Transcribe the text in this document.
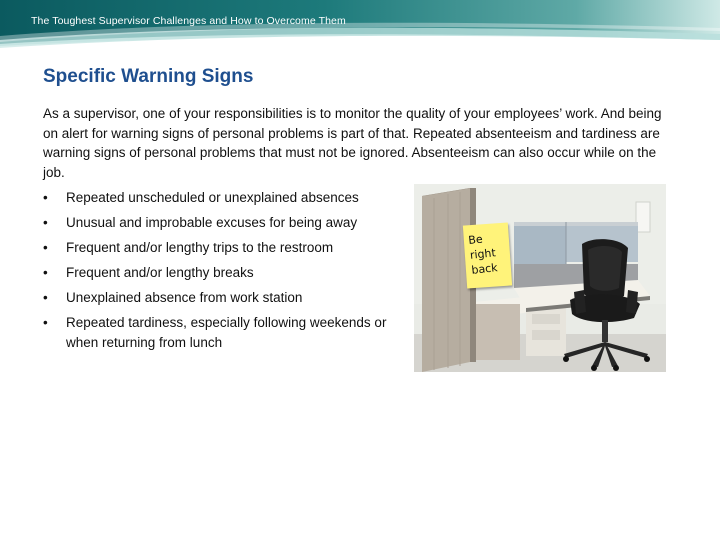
The Toughest Supervisor Challenges and How to Overcome Them
Specific Warning Signs

As a supervisor, one of your responsibilities is to monitor the quality of your employees’ work. And being on alert for warning signs of personal problems is part of that. Repeated absenteeism and tardiness are warning signs of personal problems that must not be ignored. Absenteeism can also occur while on the job.

• Repeated unscheduled or unexplained absences
• Unusual and improbable excuses for being away
• Frequent and/or lengthy trips to the restroom
• Frequent and/or lengthy breaks
• Unexplained absence from work station
• Repeated tardiness, especially following weekends or when returning from lunch
Be right back
